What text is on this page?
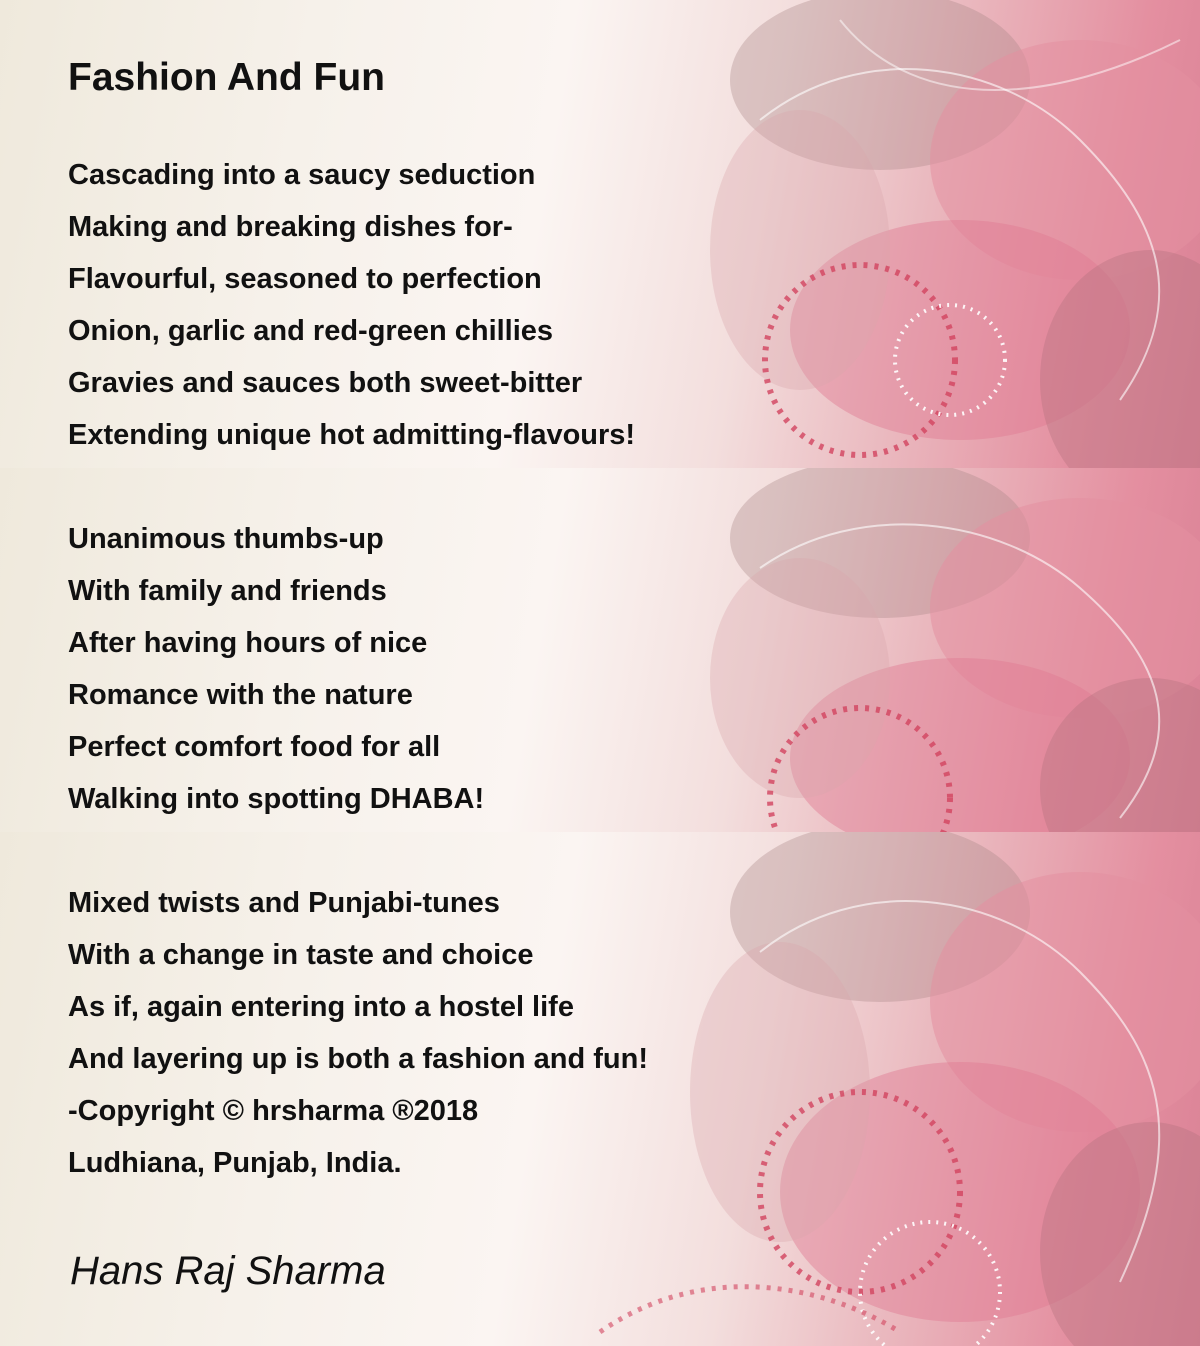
Fashion And Fun
Cascading into a saucy seduction
Making and breaking dishes for-
Flavourful, seasoned to perfection
Onion, garlic and red-green chillies
Gravies and sauces both sweet-bitter
Extending unique hot admitting-flavours!
Unanimous thumbs-up
With family and friends
After having hours of nice
Romance with the nature
Perfect comfort food for all
Walking into spotting DHABA!
Mixed twists and Punjabi-tunes
With a change in taste and choice
As if, again entering into a hostel life
And layering up is both a fashion and fun!
-Copyright © hrsharma ®2018
Ludhiana, Punjab, India.
Hans Raj Sharma
